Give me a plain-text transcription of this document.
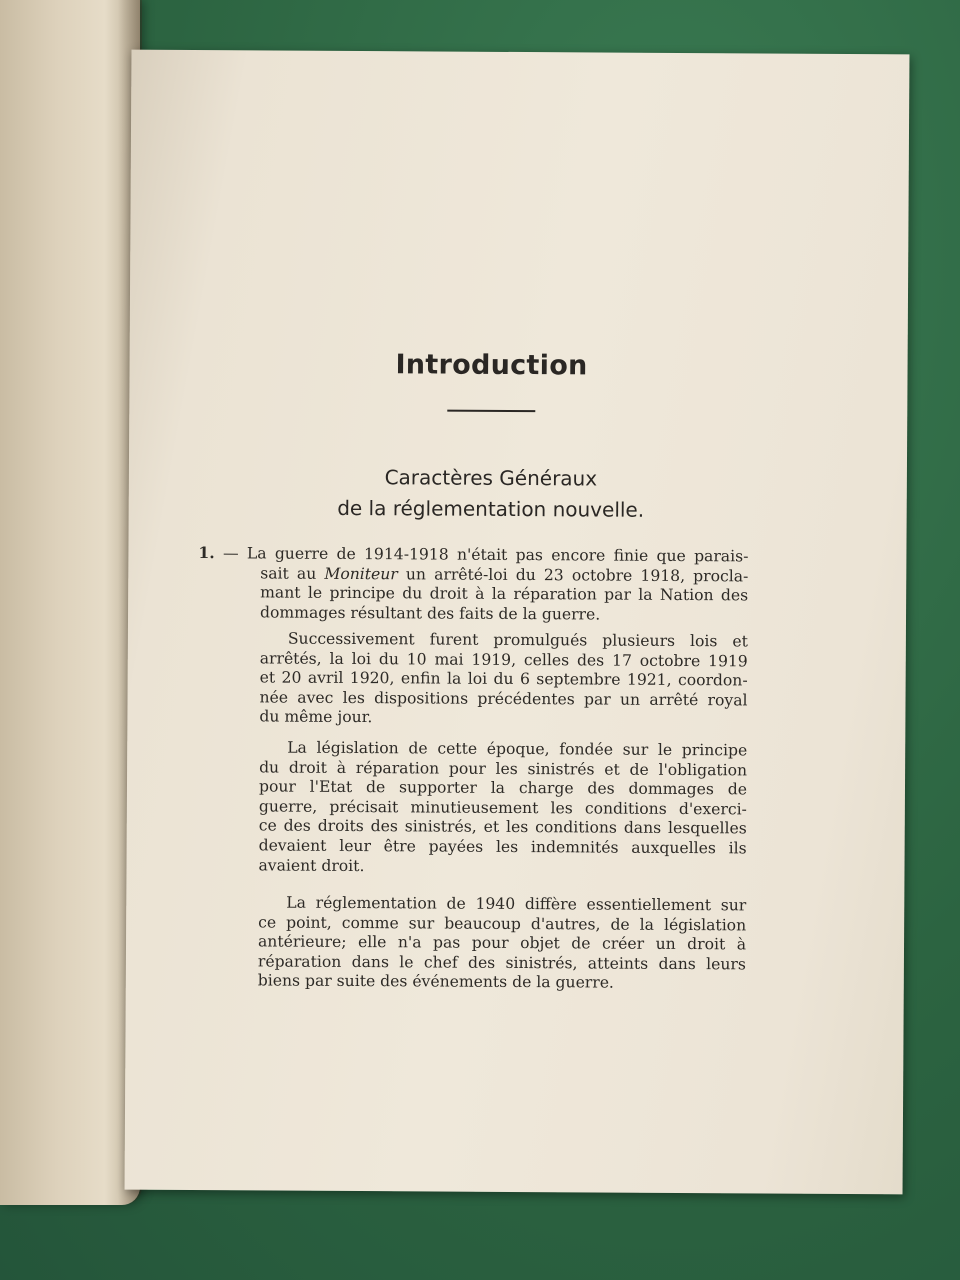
Introduction
Caractères Généraux
de la réglementation nouvelle.
1. — La guerre de 1914-1918 n'était pas encore finie que parais-
sait au Moniteur un arrêté-loi du 23 octobre 1918, procla-
mant le principe du droit à la réparation par la Nation des
dommages résultant des faits de la guerre.
Successivement furent promulgués plusieurs lois et
arrêtés, la loi du 10 mai 1919, celles des 17 octobre 1919
et 20 avril 1920, enfin la loi du 6 septembre 1921, coordon-
née avec les dispositions précédentes par un arrêté royal
du même jour.
La législation de cette époque, fondée sur le principe
du droit à réparation pour les sinistrés et de l'obligation
pour l'Etat de supporter la charge des dommages de
guerre, précisait minutieusement les conditions d'exerci-
ce des droits des sinistrés, et les conditions dans lesquelles
devaient leur être payées les indemnités auxquelles ils
avaient droit.
La réglementation de 1940 diffère essentiellement sur
ce point, comme sur beaucoup d'autres, de la législation
antérieure; elle n'a pas pour objet de créer un droit à
réparation dans le chef des sinistrés, atteints dans leurs
biens par suite des événements de la guerre.
